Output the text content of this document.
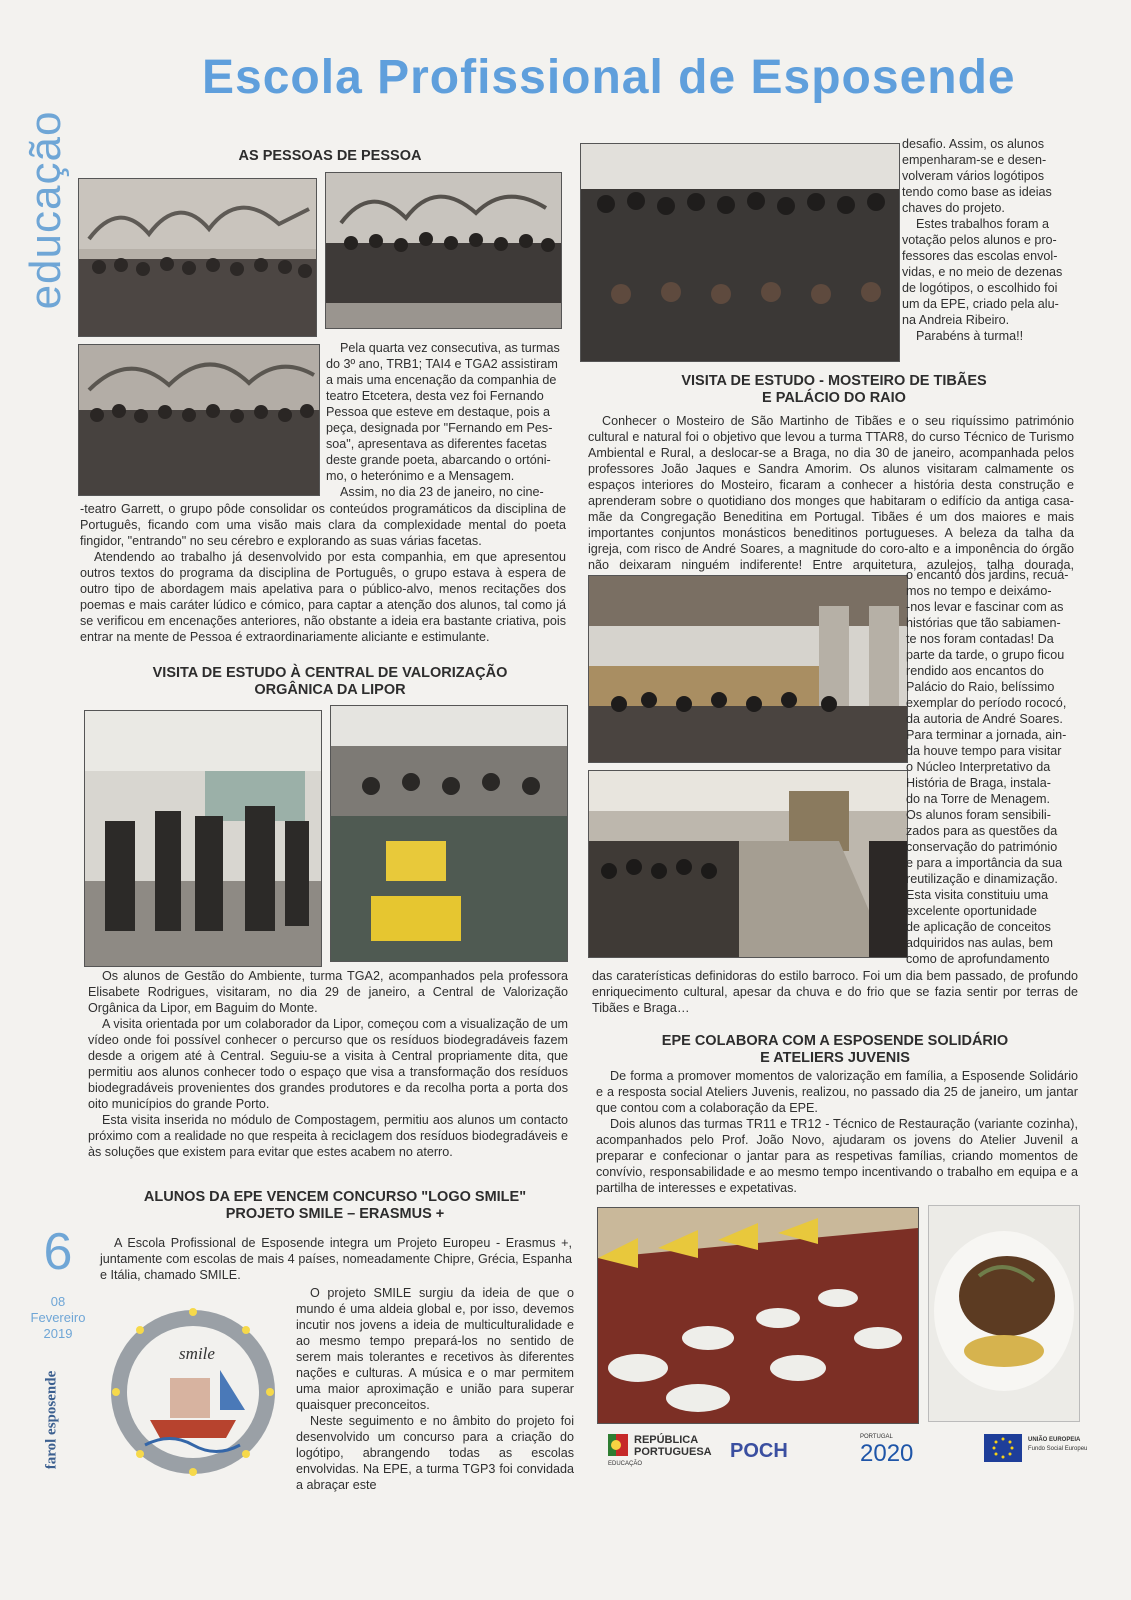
educação
Escola Profissional de Esposende
AS PESSOAS DE PESSOA
Pela quarta vez consecutiva, as turmas
do 3º ano, TRB1; TAI4 e TGA2 assistiram
a mais uma encenação da companhia de
teatro Etcetera, desta vez foi Fernando
Pessoa que esteve em destaque, pois a
peça, designada por "Fernando em Pes-
soa", apresentava as diferentes facetas
deste grande poeta, abarcando o ortóni-
mo, o heterónimo e a Mensagem.
Assim, no dia 23 de janeiro, no cine-

-teatro Garrett, o grupo pôde consolidar os conteúdos programáticos da disciplina de Português, ficando com uma visão mais clara da complexidade mental do poeta fingidor, "entrando" no seu cérebro e explorando as suas várias facetas.

Atendendo ao trabalho já desenvolvido por esta companhia, em que apresentou outros textos do programa da disciplina de Português, o grupo estava à espera de outro tipo de abordagem mais apelativa para o público-alvo, menos recitações dos poemas e mais caráter lúdico e cómico, para captar a atenção dos alunos, tal como já se verificou em encenações anteriores, não obstante a ideia era bastante criativa, pois entrar na mente de Pessoa é extraordinariamente aliciante e estimulante.

VISITA DE ESTUDO À CENTRAL DE VALORIZAÇÃO
ORGÂNICA DA LIPOR

Os alunos de Gestão do Ambiente, turma TGA2, acompanhados pela professora Elisabete Rodrigues, visitaram, no dia 29 de janeiro, a Central de Valorização Orgânica da Lipor, em Baguim do Monte.

A visita orientada por um colaborador da Lipor, começou com a visualização de um vídeo onde foi possível conhecer o percurso que os resíduos biodegradáveis fazem desde a origem até à Central. Seguiu-se a visita à Central propriamente dita, que permitiu aos alunos conhecer todo o espaço que visa a transformação dos resíduos biodegradáveis provenientes dos grandes produtores e da recolha porta a porta dos oito municípios do grande Porto.

Esta visita inserida no módulo de Compostagem, permitiu aos alunos um contacto próximo com a realidade no que respeita à reciclagem dos resíduos biodegradáveis e às soluções que existem para evitar que estes acabem no aterro.

ALUNOS DA EPE VENCEM CONCURSO "LOGO SMILE"
PROJETO SMILE – ERASMUS +

A Escola Profissional de Esposende integra um Projeto Europeu - Erasmus +, juntamente com escolas de mais 4 países, nomeadamente Chipre, Grécia, Espanha e Itália, chamado SMILE.

smile

O projeto SMILE surgiu da ideia de que o mundo é uma aldeia global e, por isso, devemos incutir nos jovens a ideia de multiculturalidade e ao mesmo tempo prepará-los no sentido de serem mais tolerantes e recetivos às diferentes nações e culturas. A música e o mar permitem uma maior aproximação e união para superar quaisquer preconceitos.

Neste seguimento e no âmbito do projeto foi desenvolvido um concurso para a criação do logótipo, abrangendo todas as escolas envolvidas. Na EPE, a turma TGP3 foi convidada a abraçar este

desafio. Assim, os alunos
empenharam-se e desen-
volveram vários logótipos
tendo como base as ideias
chaves do projeto.
Estes trabalhos foram a
votação pelos alunos e pro-
fessores das escolas envol-
vidas, e no meio de dezenas
de logótipos, o escolhido foi
um da EPE, criado pela alu-
na Andreia Ribeiro.
Parabéns à turma!!
VISITA DE ESTUDO - MOSTEIRO DE TIBÃES
E PALÁCIO DO RAIO

Conhecer o Mosteiro de São Martinho de Tibães e o seu riquíssimo património cultural e natural foi o objetivo que levou a turma TTAR8, do curso Técnico de Turismo Ambiental e Rural, a deslocar-se a Braga, no dia 30 de janeiro, acompanhada pelos professores João Jaques e Sandra Amorim. Os alunos visitaram calmamente os espaços interiores do Mosteiro, ficaram a conhecer a história desta construção e aprenderam sobre o quotidiano dos monges que habitaram o edifício da antiga casa-mãe da Congregação Beneditina em Portugal. Tibães é um dos maiores e mais importantes conjuntos monásticos beneditinos portugueses. A beleza da talha da igreja, com risco de André Soares, a magnitude do coro-alto e a imponência do órgão não deixaram ninguém indiferente! Entre arquitetura, azulejos, talha dourada,

o encanto dos jardins, recuá-
mos no tempo e deixámo-
-nos levar e fascinar com as
histórias que tão sabiamen-
te nos foram contadas! Da
parte da tarde, o grupo ficou
rendido aos encantos do
Palácio do Raio, belíssimo
exemplar do período rococó,
da autoria de André Soares.
Para terminar a jornada, ain-
da houve tempo para visitar
o Núcleo Interpretativo da
História de Braga, instala-
do na Torre de Menagem.
Os alunos foram sensibili-
zados para as questões da
conservação do património
e para a importância da sua
reutilização e dinamização.
Esta visita constituiu uma
excelente oportunidade
de aplicação de conceitos
adquiridos nas aulas, bem
como de aprofundamento

das caraterísticas definidoras do estilo barroco. Foi um dia bem passado, de profundo enriquecimento cultural, apesar da chuva e do frio que se fazia sentir por terras de Tibães e Braga…

EPE COLABORA COM A ESPOSENDE SOLIDÁRIO
E ATELIERS JUVENIS

De forma a promover momentos de valorização em família, a Esposende Solidário e a resposta social Ateliers Juvenis, realizou, no passado dia 25 de janeiro, um jantar que contou com a colaboração da EPE.

Dois alunos das turmas TR11 e TR12 - Técnico de Restauração (variante cozinha), acompanhados pelo Prof. João Novo, ajudaram os jovens do Atelier Juvenil a preparar e confecionar o jantar para as respetivas famílias, criando momentos de convívio, responsabilidade e ao mesmo tempo incentivando o trabalho em equipa e a partilha de interesses e expetativas.

REPÚBLICA
PORTUGUESA
EDUCAÇÃO
POCH
PORTUGAL
2020	UNIÃO EUROPEIA
Fundo Social Europeu
6
08
Fevereiro
2019
farol esposende
